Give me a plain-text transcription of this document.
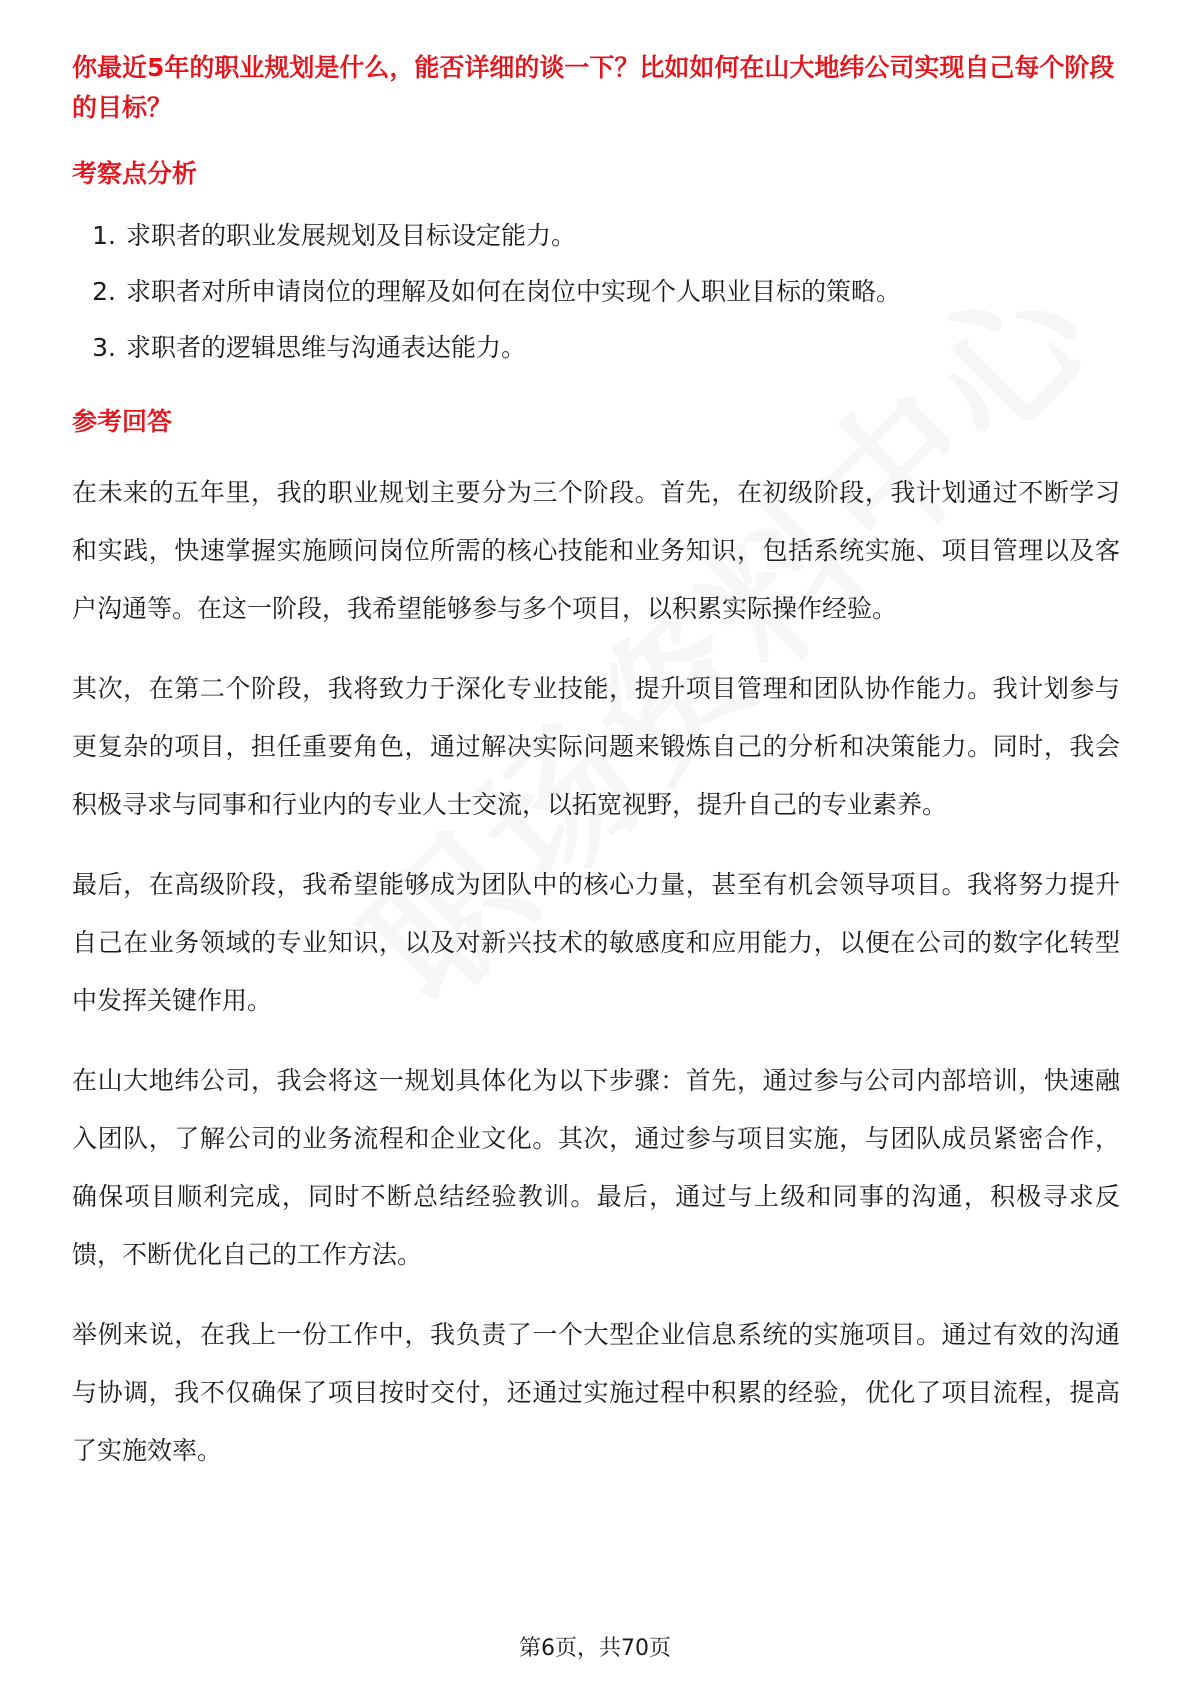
你最近5年的职业规划是什么，能否详细的谈一下？比如如何在山大地纬公司实现自己每个阶段的目标？

考察点分析

1. 求职者的职业发展规划及目标设定能力。
2. 求职者对所申请岗位的理解及如何在岗位中实现个人职业目标的策略。
3. 求职者的逻辑思维与沟通表达能力。

参考回答

在未来的五年里，我的职业规划主要分为三个阶段。首先，在初级阶段，我计划通过不断学习和实践，快速掌握实施顾问岗位所需的核心技能和业务知识，包括系统实施、项目管理以及客户沟通等。在这一阶段，我希望能够参与多个项目，以积累实际操作经验。

其次，在第二个阶段，我将致力于深化专业技能，提升项目管理和团队协作能力。我计划参与更复杂的项目，担任重要角色，通过解决实际问题来锻炼自己的分析和决策能力。同时，我会积极寻求与同事和行业内的专业人士交流，以拓宽视野，提升自己的专业素养。

最后，在高级阶段，我希望能够成为团队中的核心力量，甚至有机会领导项目。我将努力提升自己在业务领域的专业知识，以及对新兴技术的敏感度和应用能力，以便在公司的数字化转型中发挥关键作用。

在山大地纬公司，我会将这一规划具体化为以下步骤：首先，通过参与公司内部培训，快速融入团队，了解公司的业务流程和企业文化。其次，通过参与项目实施，与团队成员紧密合作，确保项目顺利完成，同时不断总结经验教训。最后，通过与上级和同事的沟通，积极寻求反馈，不断优化自己的工作方法。

举例来说，在我上一份工作中，我负责了一个大型企业信息系统的实施项目。通过有效的沟通与协调，我不仅确保了项目按时交付，还通过实施过程中积累的经验，优化了项目流程，提高了实施效率。

第6页，共70页
